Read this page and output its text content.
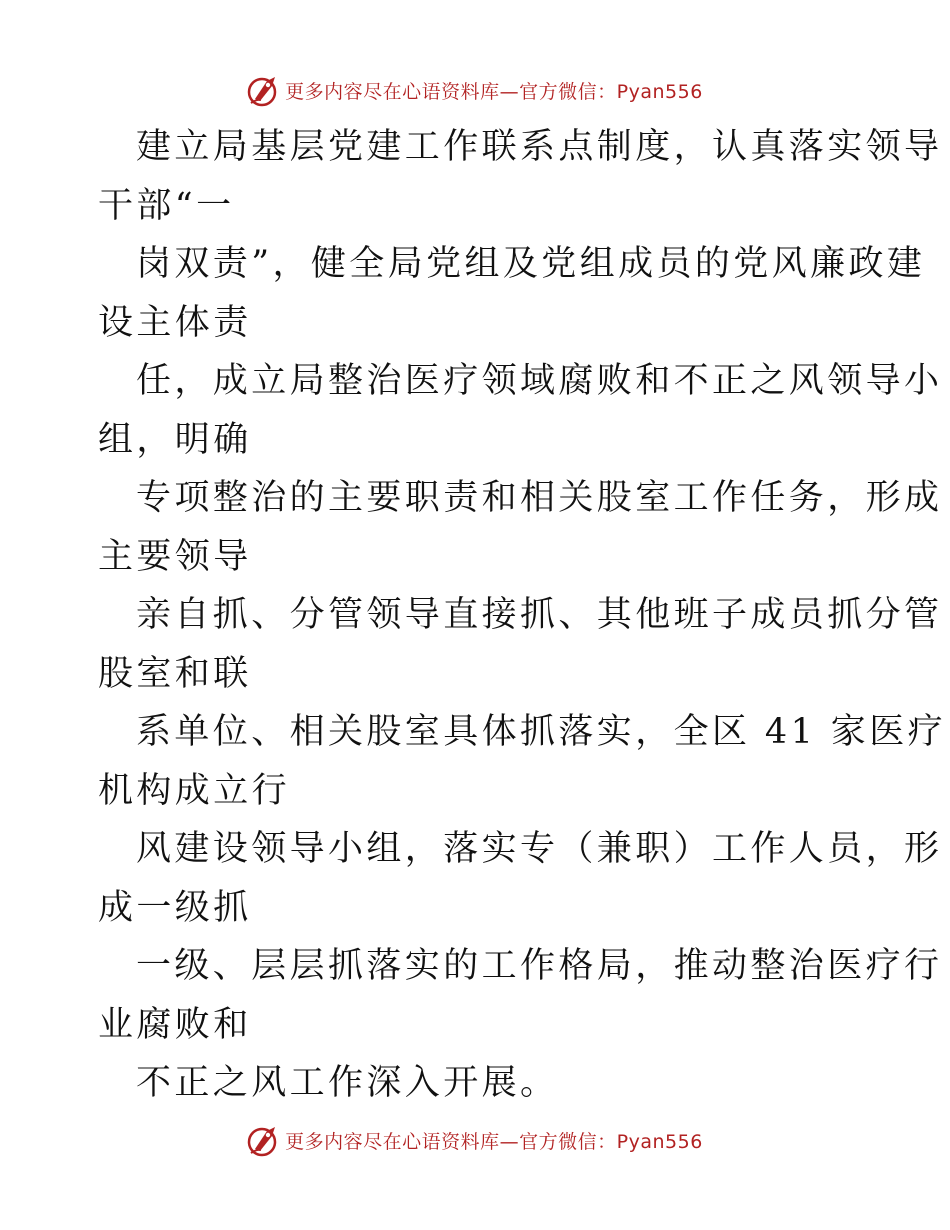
更多内容尽在心语资料库—官方微信：Pyan556
建立局基层党建工作联系点制度，认真落实领导
干部“一
岗双责”，健全局党组及党组成员的党风廉政建
设主体责
任，成立局整治医疗领域腐败和不正之风领导小
组，明确
专项整治的主要职责和相关股室工作任务，形成
主要领导
亲自抓、分管领导直接抓、其他班子成员抓分管
股室和联
系单位、相关股室具体抓落实，全区 41 家医疗
机构成立行
风建设领导小组，落实专（兼职）工作人员，形
成一级抓
一级、层层抓落实的工作格局，推动整治医疗行
业腐败和
不正之风工作深入开展。
更多内容尽在心语资料库—官方微信：Pyan556
